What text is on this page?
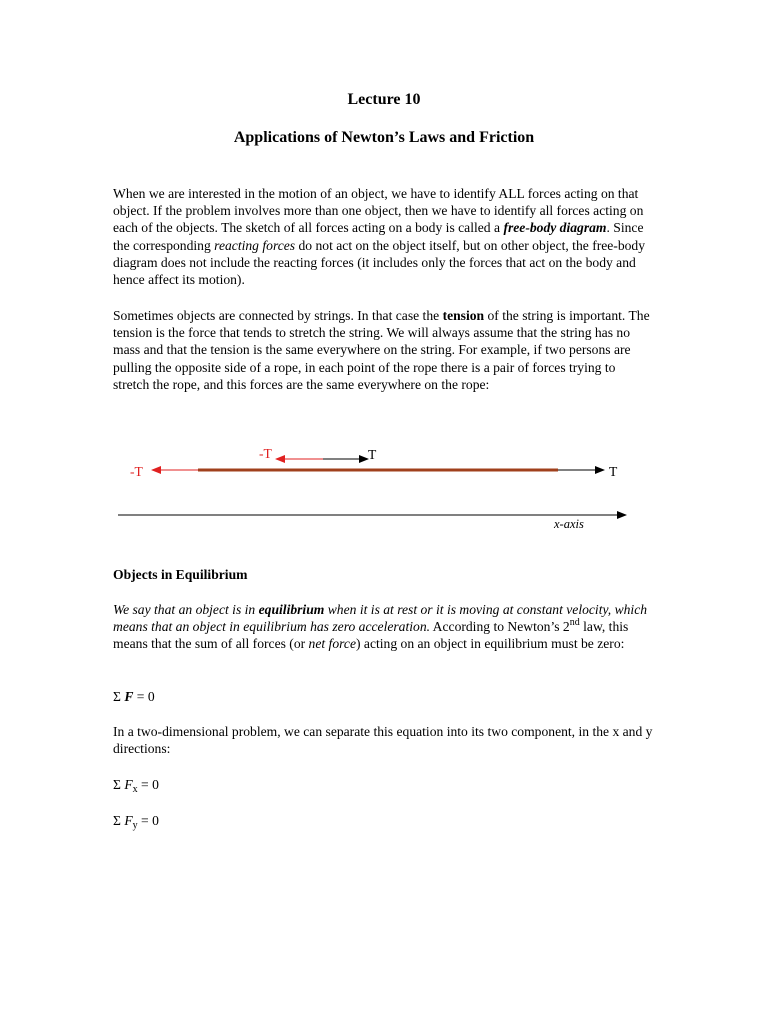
Lecture 10
Applications of Newton’s Laws and Friction
When we are interested in the motion of an object, we have to identify ALL forces acting on that object. If the problem involves more than one object, then we have to identify all forces acting on each of the objects. The sketch of all forces acting on a body is called a free-body diagram. Since the corresponding reacting forces do not act on the object itself, but on other object, the free-body diagram does not include the reacting forces (it includes only the forces that act on the body and hence affect its motion).
Sometimes objects are connected by strings. In that case the tension of the string is important. The tension is the force that tends to stretch the string. We will always assume that the string has no mass and that the tension is the same everywhere on the string. For example, if two persons are pulling the opposite side of a rope, in each point of the rope there is a pair of forces trying to stretch the rope, and this forces are the same everywhere on the rope:
-T
-T	T
T
x-axis
Objects in Equilibrium
We say that an object is in equilibrium when it is at rest or it is moving at constant velocity, which means that an object in equilibrium has zero acceleration. According to Newton’s 2nd law, this means that the sum of all forces (or net force) acting on an object in equilibrium must be zero:
Σ F = 0
In a two-dimensional problem, we can separate this equation into its two component, in the x and y directions:
Σ $F_x = 0$
Σ $F_y = 0$
